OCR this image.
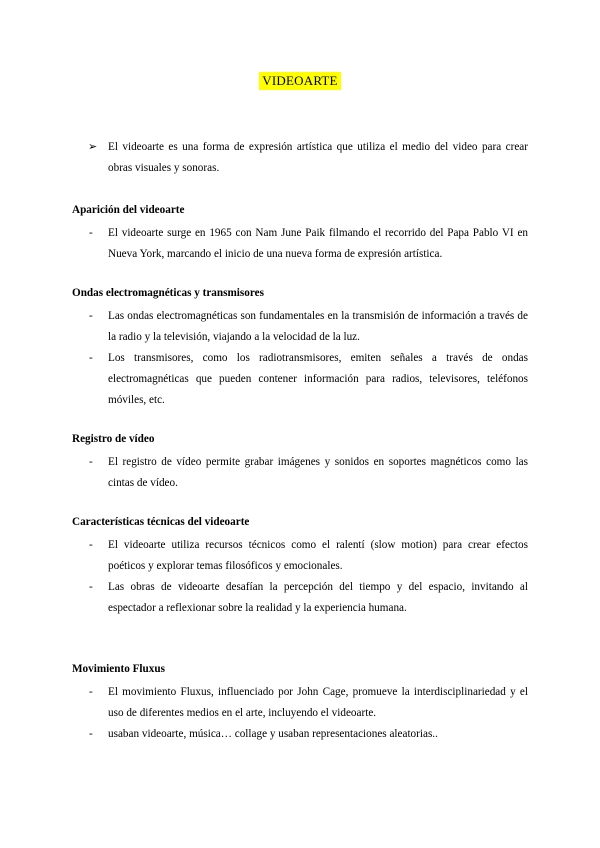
VIDEOARTE
➢ El videoarte es una forma de expresión artística que utiliza el medio del video para crear obras visuales y sonoras.
Aparición del videoarte
- El videoarte surge en 1965 con Nam June Paik filmando el recorrido del Papa Pablo VI en Nueva York, marcando el inicio de una nueva forma de expresión artística.
Ondas electromagnéticas y transmisores
- Las ondas electromagnéticas son fundamentales en la transmisión de información a través de la radio y la televisión, viajando a la velocidad de la luz.
- Los transmisores, como los radiotransmisores, emiten señales a través de ondas electromagnéticas que pueden contener información para radios, televisores, teléfonos móviles, etc.
Registro de vídeo
- El registro de vídeo permite grabar imágenes y sonidos en soportes magnéticos como las cintas de vídeo.
Características técnicas del videoarte
- El videoarte utiliza recursos técnicos como el ralentí (slow motion) para crear efectos poéticos y explorar temas filosóficos y emocionales.
- Las obras de videoarte desafían la percepción del tiempo y del espacio, invitando al espectador a reflexionar sobre la realidad y la experiencia humana.
Movimiento Fluxus
- El movimiento Fluxus, influenciado por John Cage, promueve la interdisciplinariedad y el uso de diferentes medios en el arte, incluyendo el videoarte.
- usaban videoarte, música… collage y usaban representaciones aleatorias..
